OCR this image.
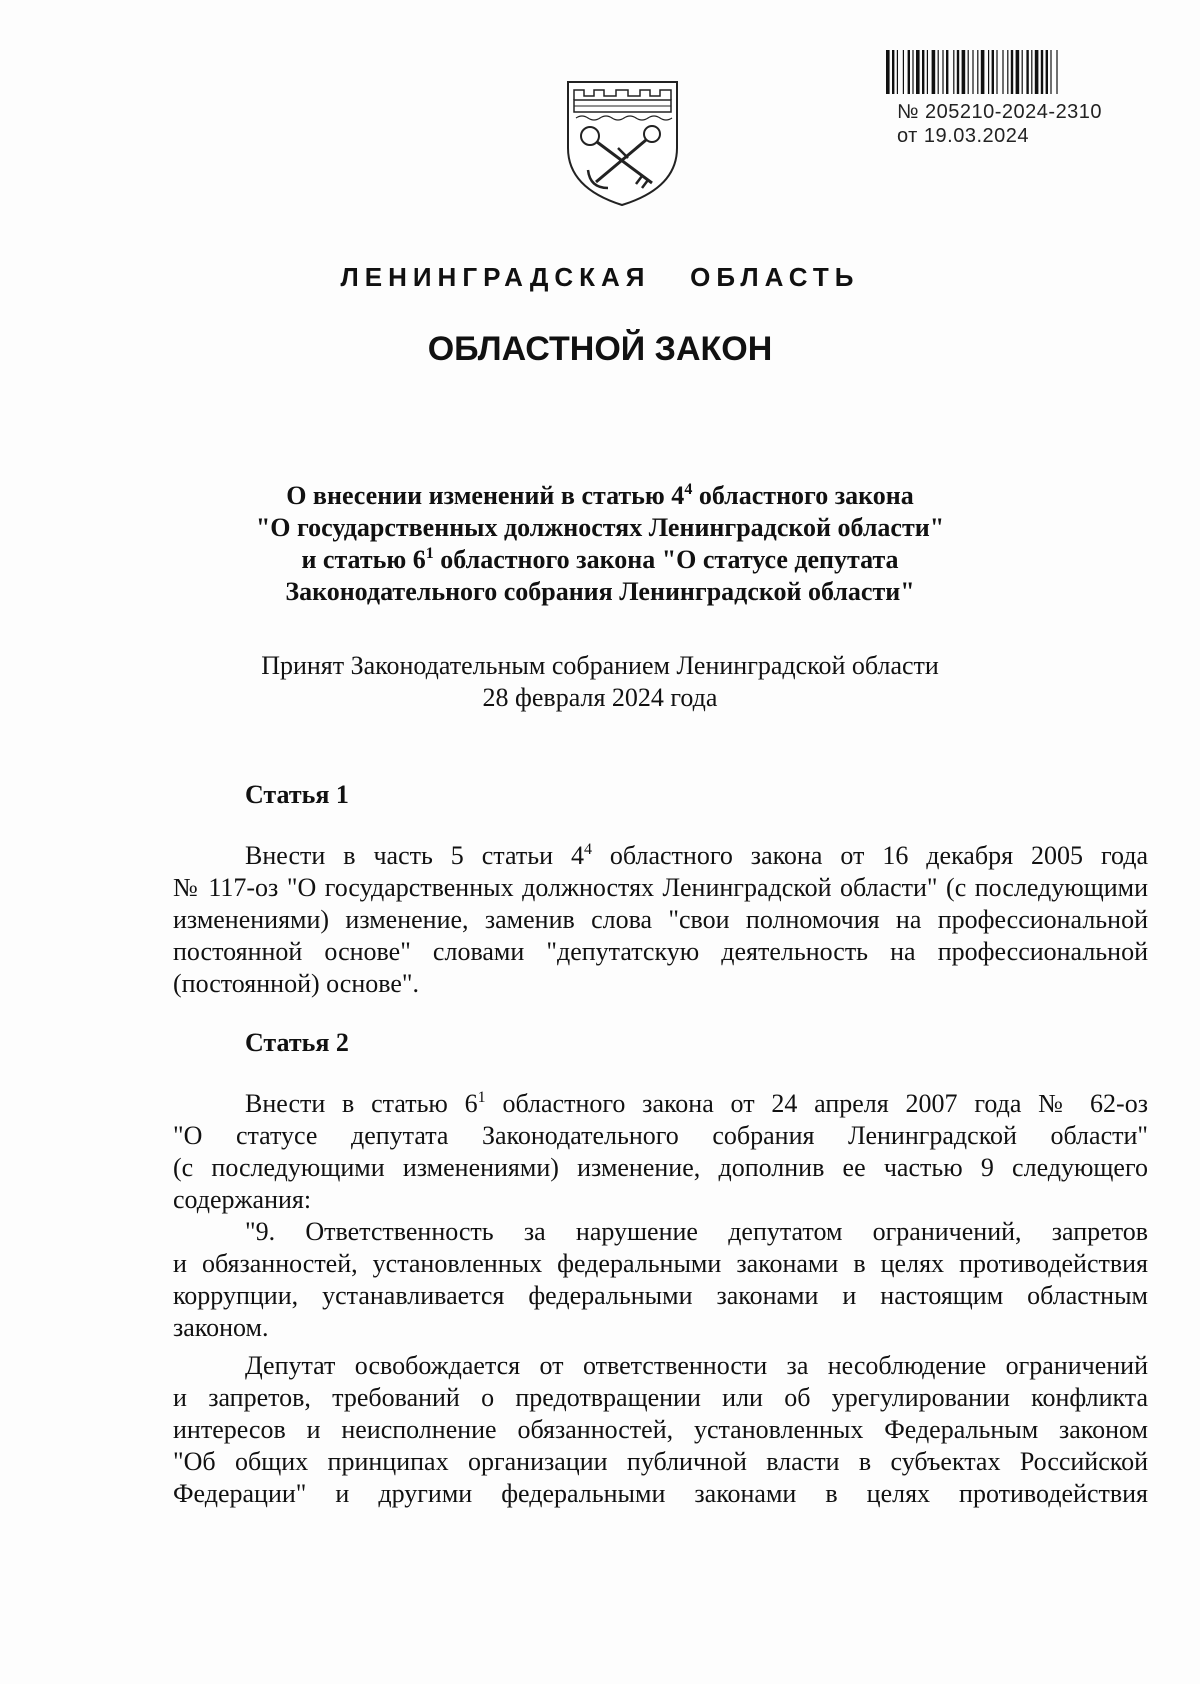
№ 205210-2024-2310
от 19.03.2024
ЛЕНИНГРАДСКАЯ   ОБЛАСТЬ
ОБЛАСТНОЙ ЗАКОН
О внесении изменений в статью $4^4$ областного закона
"О государственных должностях Ленинградской области"
и статью $6^1$ областного закона "О статусе депутата
Законодательного собрания Ленинградской области"
Принят Законодательным собранием Ленинградской области
28 февраля 2024 года
Статья 1
Внести в часть 5 статьи $4^4$ областного закона от 16 декабря 2005 года
№ 117-оз "О государственных должностях Ленинградской области" (с последующими
изменениями) изменение, заменив слова "свои полномочия на профессиональной
постоянной основе" словами "депутатскую деятельность на профессиональной
(постоянной) основе".
Статья 2
Внести в статью $6^1$ областного закона от 24 апреля 2007 года № 62-оз
"О статусе депутата Законодательного собрания Ленинградской области"
(с последующими изменениями) изменение, дополнив ее частью 9 следующего
содержания:
"9. Ответственность за нарушение депутатом ограничений, запретов
и обязанностей, установленных федеральными законами в целях противодействия
коррупции, устанавливается федеральными законами и настоящим областным
законом.
Депутат освобождается от ответственности за несоблюдение ограничений
и запретов, требований о предотвращении или об урегулировании конфликта
интересов и неисполнение обязанностей, установленных Федеральным законом
"Об общих принципах организации публичной власти в субъектах Российской
Федерации" и другими федеральными законами в целях противодействия
